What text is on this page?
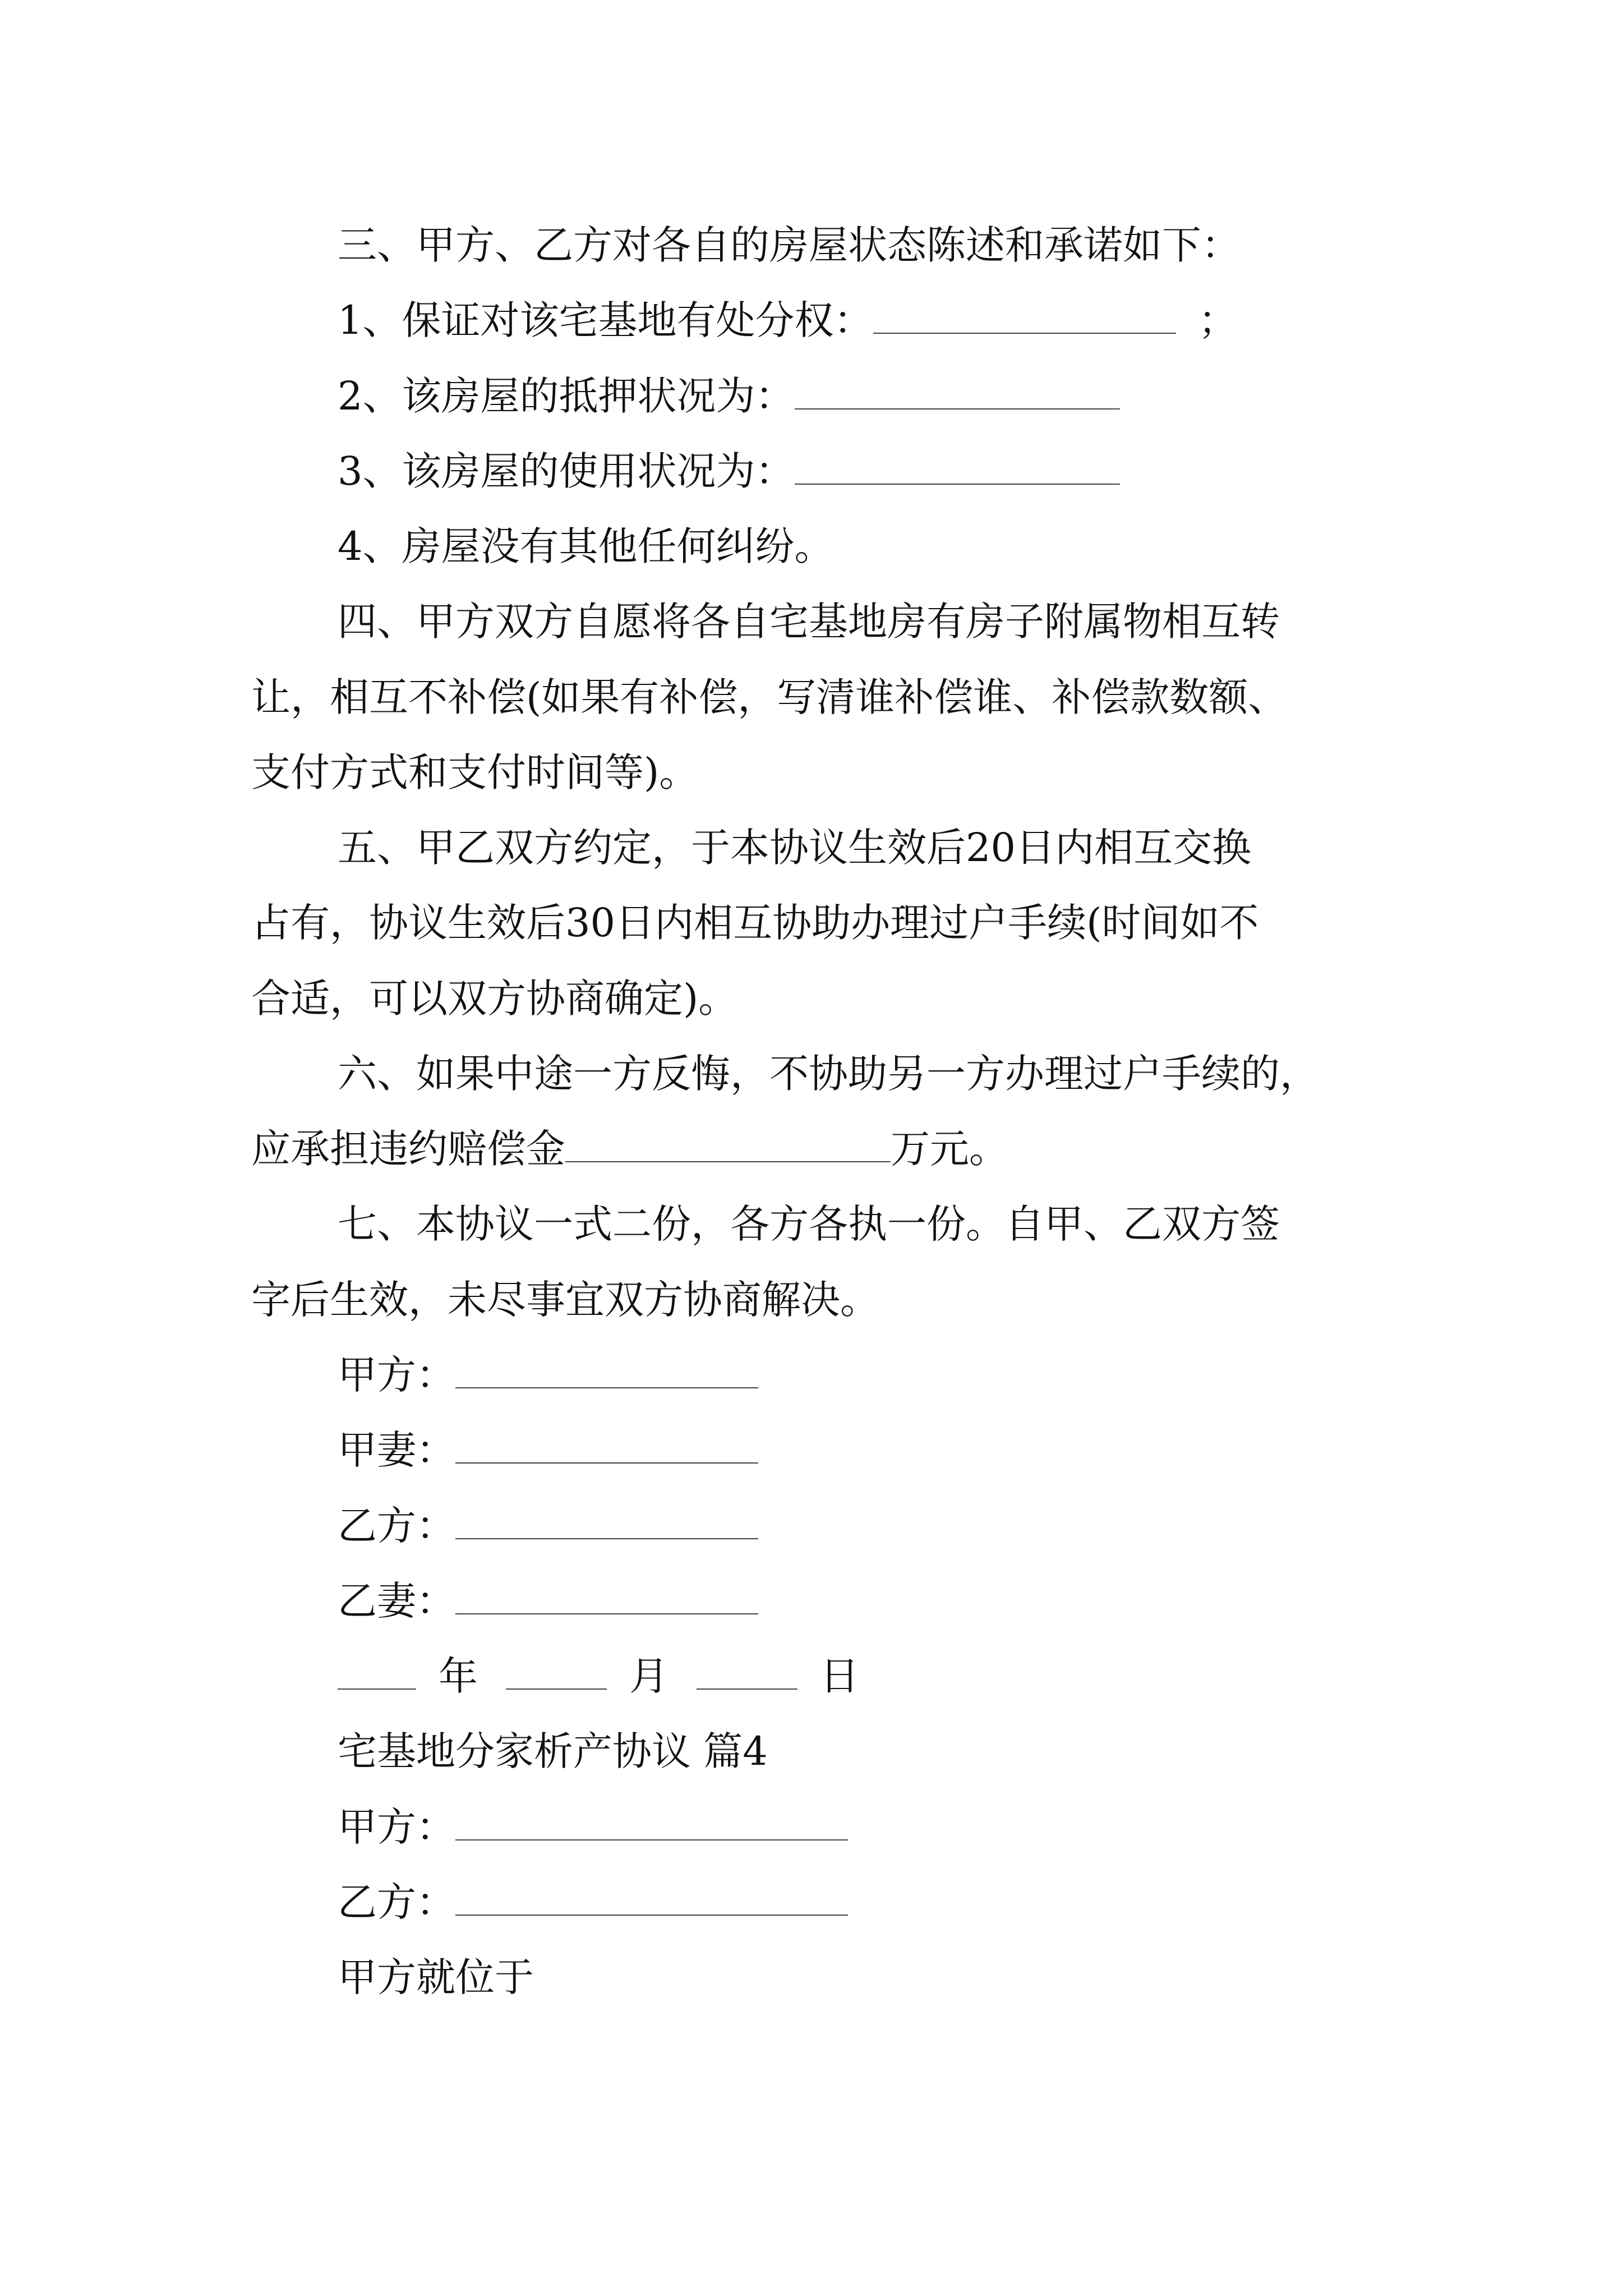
三、甲方、乙方对各自的房屋状态陈述和承诺如下：
1、保证对该宅基地有处分权：	；
2、该房屋的抵押状况为：
3、该房屋的使用状况为：
4、房屋没有其他任何纠纷。
四、甲方双方自愿将各自宅基地房有房子附属物相互转
让，相互不补偿(如果有补偿，写清谁补偿谁、补偿款数额、
支付方式和支付时间等)。
五、甲乙双方约定，于本协议生效后20日内相互交换
占有，协议生效后30日内相互协助办理过户手续(时间如不
合适，可以双方协商确定)。
六、如果中途一方反悔，不协助另一方办理过户手续的，
应承担违约赔偿金	万元。
七、本协议一式二份，各方各执一份。自甲、乙双方签
字后生效，未尽事宜双方协商解决。
甲方：
甲妻：
乙方：
乙妻：
年	月	日
宅基地分家析产协议 篇4
甲方：
乙方：
甲方就位于
